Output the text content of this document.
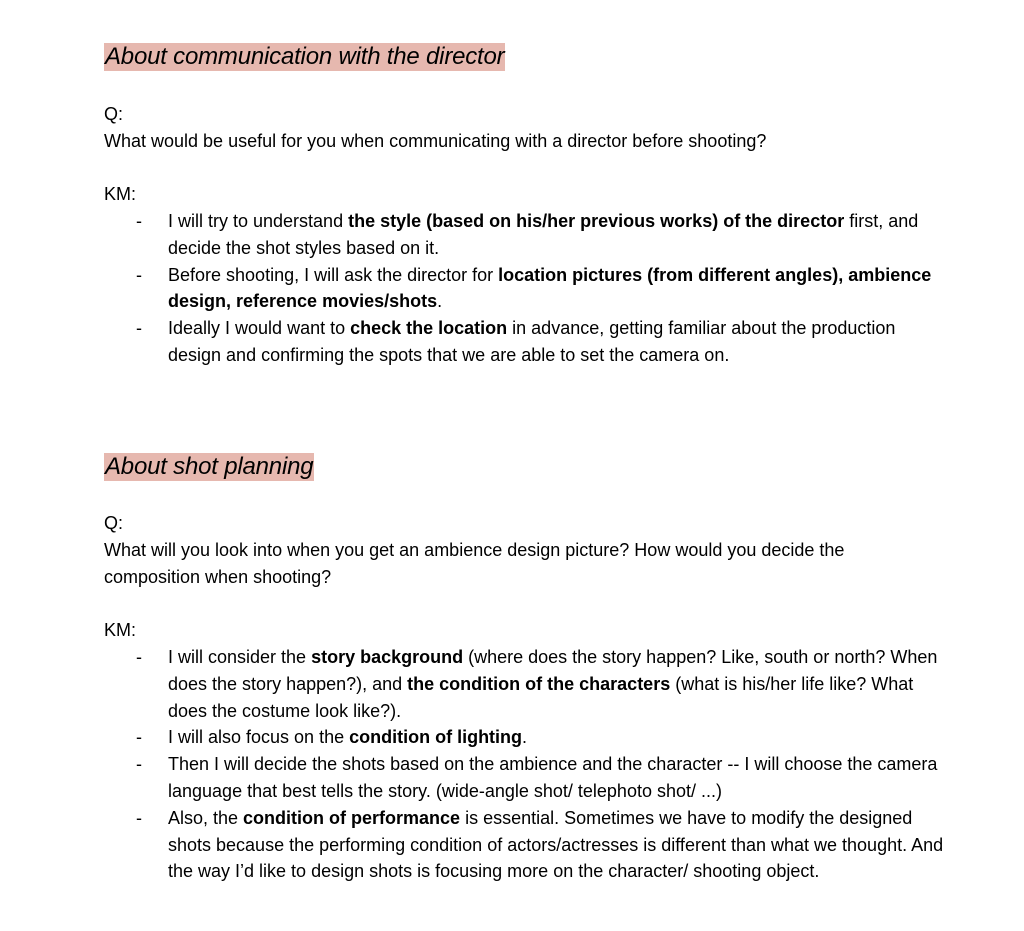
About communication with the director

Q:

What would be useful for you when communicating with a director before shooting?

KM:

- I will try to understand the style (based on his/her previous works) of the director first, and decide the shot styles based on it.
- Before shooting, I will ask the director for location pictures (from different angles), ambience design, reference movies/shots.
- Ideally I would want to check the location in advance, getting familiar about the production design and confirming the spots that we are able to set the camera on.
About shot planning

Q:

What will you look into when you get an ambience design picture? How would you decide the composition when shooting?

KM:

- I will consider the story background (where does the story happen? Like, south or north? When does the story happen?), and the condition of the characters (what is his/her life like? What does the costume look like?).
- I will also focus on the condition of lighting.
- Then I will decide the shots based on the ambience and the character -- I will choose the camera language that best tells the story. (wide-angle shot/ telephoto shot/ ...)
- Also, the condition of performance is essential. Sometimes we have to modify the designed shots because the performing condition of actors/actresses is different than what we thought. And the way I’d like to design shots is focusing more on the character/ shooting object.
